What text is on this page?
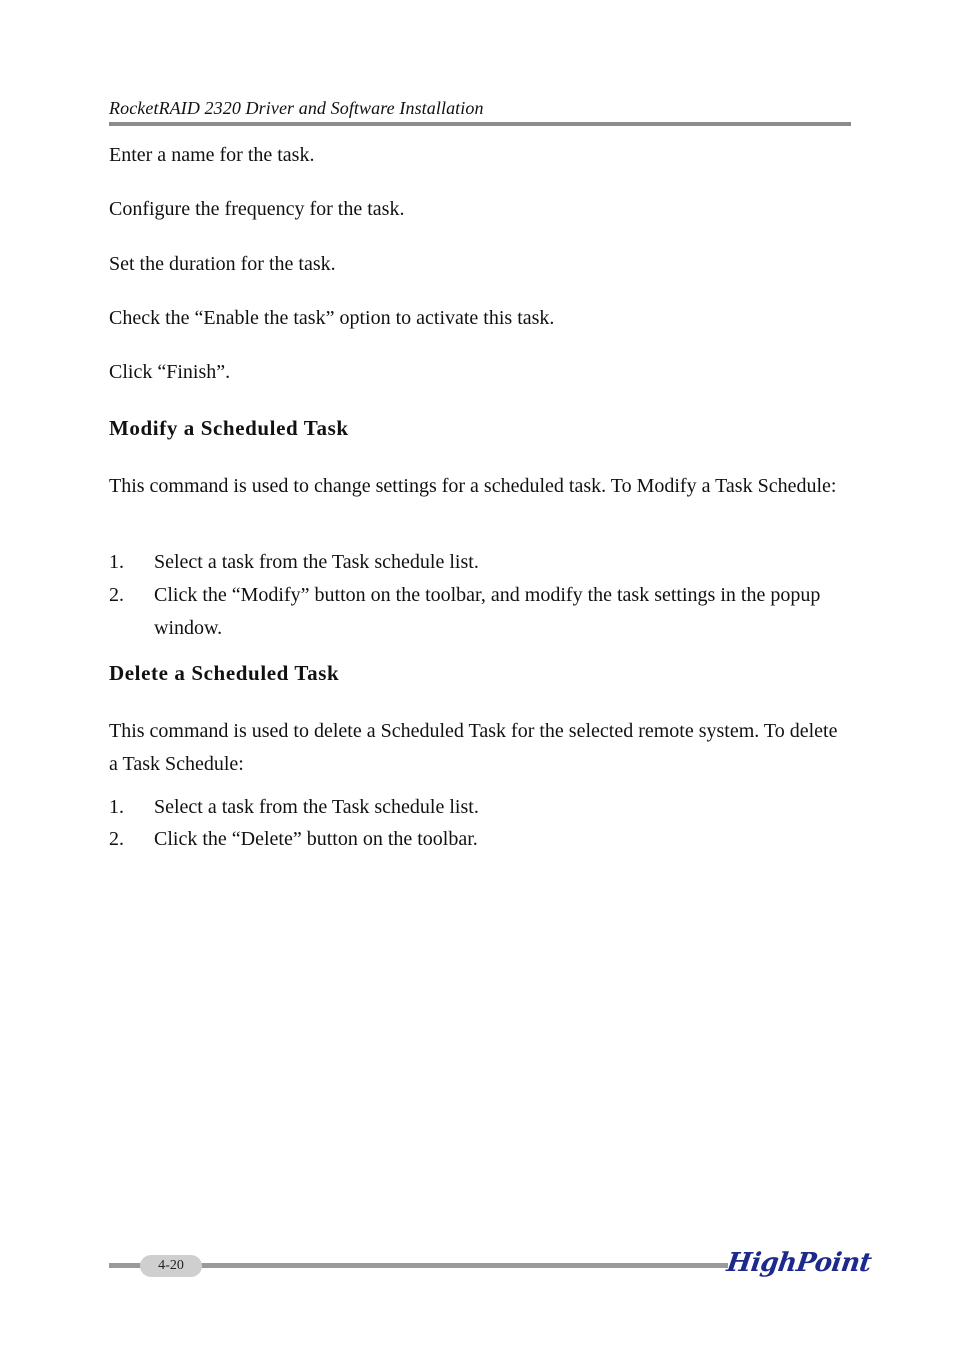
RocketRAID 2320 Driver and Software Installation

Enter a name for the task.

Configure the frequency for the task.

Set the duration for the task.

Check the “Enable the task” option to activate this task.

Click “Finish”.

Modify a Scheduled Task

This command is used to change settings for a scheduled task. To Modify a Task Schedule:

1. Select a task from the Task schedule list.
2. Click the “Modify” button on the toolbar, and modify the task settings in the popup window.
Delete a Scheduled Task

This command is used to delete a Scheduled Task for the selected remote system. To delete a Task Schedule:

1. Select a task from the Task schedule list.
2. Click the “Delete” button on the toolbar.
4-20	HighPoint
